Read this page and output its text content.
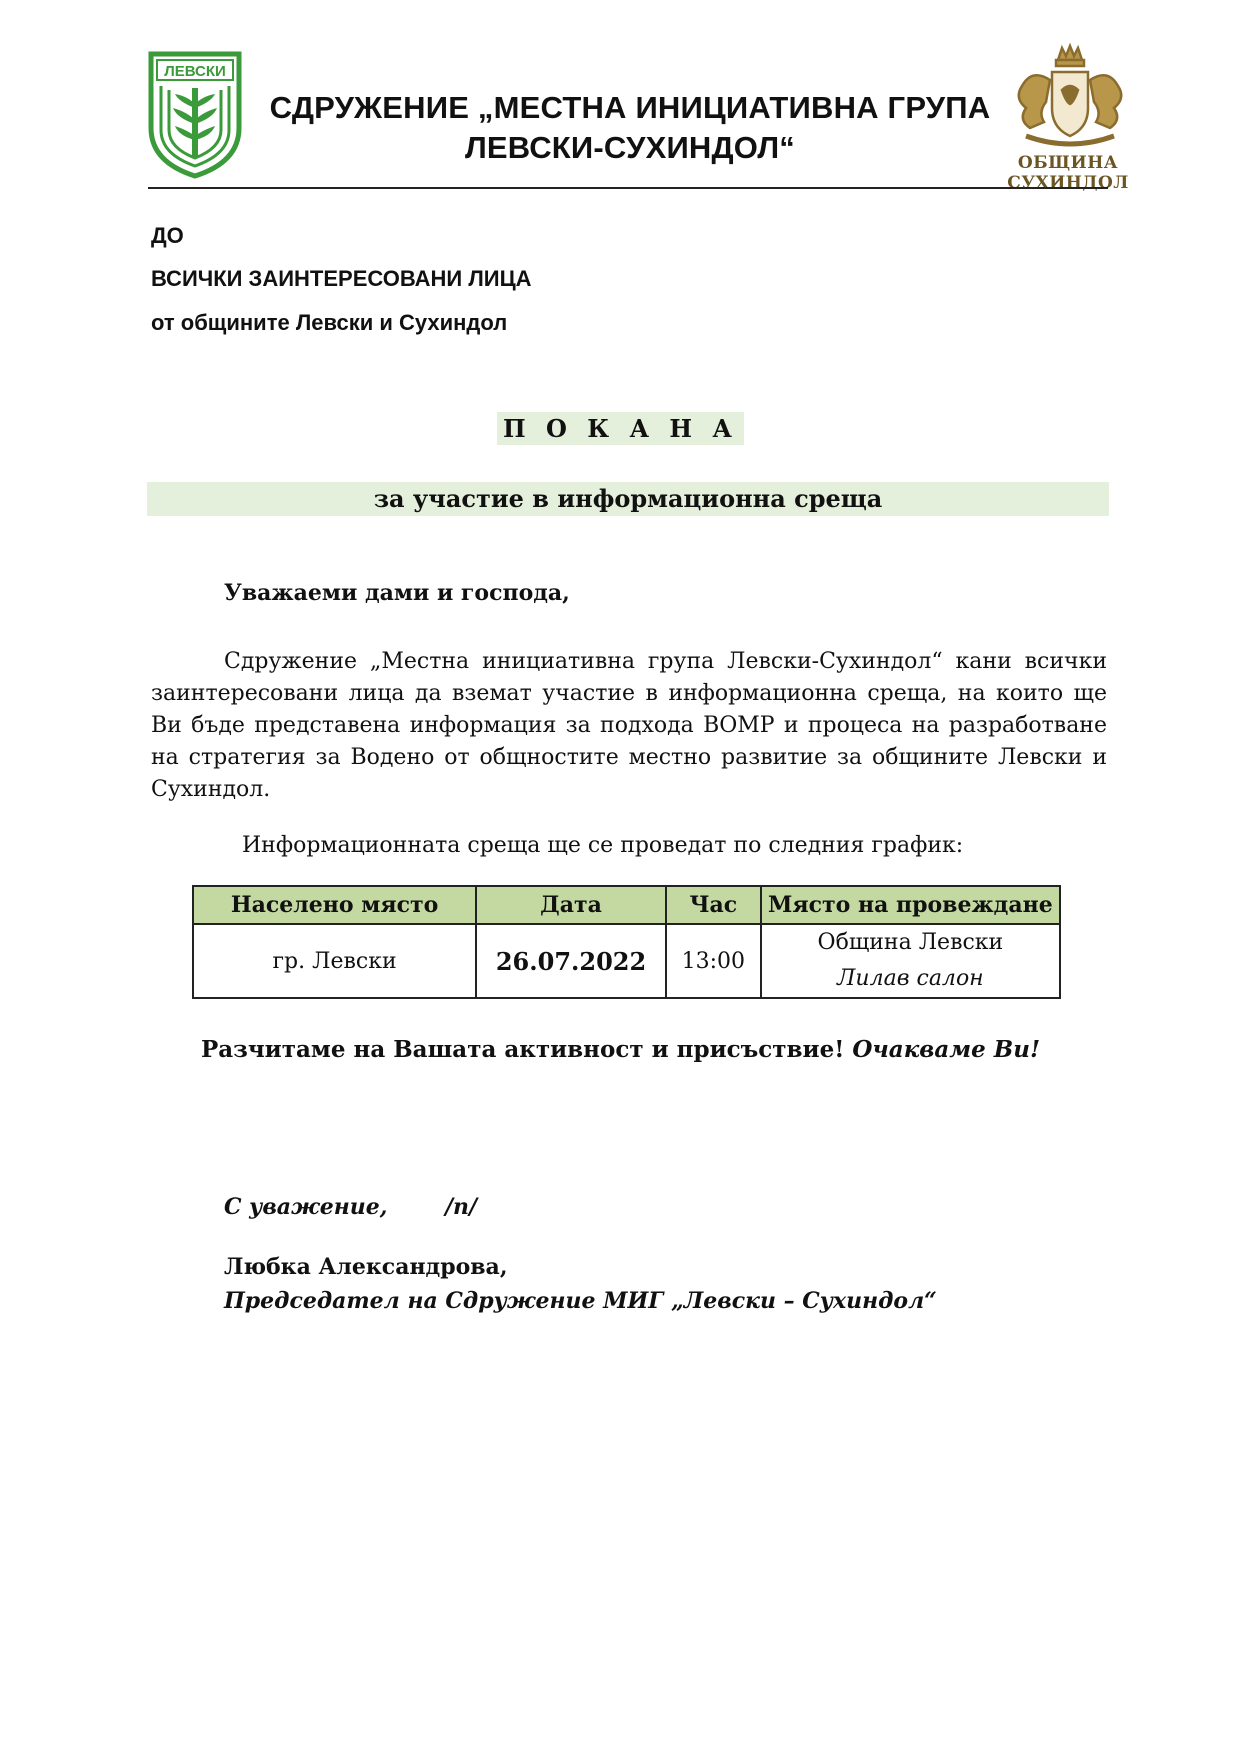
ЛЕВСКИ
СДРУЖЕНИЕ „МЕСТНА ИНИЦИАТИВНА ГРУПА
ЛЕВСКИ-СУХИНДОЛ“	ОБЩИНА СУХИНДОЛ
ДО
ВСИЧКИ ЗАИНТЕРЕСОВАНИ ЛИЦА
от общините Левски и Сухиндол
П О К А Н А
за участие в информационна среща
Уважаеми дами и господа,

Сдружение „Местна инициативна група Левски-Сухиндол“ кани всички заинтересовани лица да вземат участие в информационна среща, на които ще Ви бъде представена информация за подхода ВОМР и процеса на разработване на стратегия за Водено от общностите местно развитие за общините Левски и Сухиндол.

Информационната среща ще се проведат по следния график:
Населено място	Дата	Час	Място на провеждане
гр. Левски	26.07.2022	13:00	Община Левски
Лилав салон
Разчитаме на Вашата активност и присъствие! Очакваме Ви!
С уважение,	/п/
Любка Александрова,
Председател на Сдружение МИГ „Левски – Сухиндол“
